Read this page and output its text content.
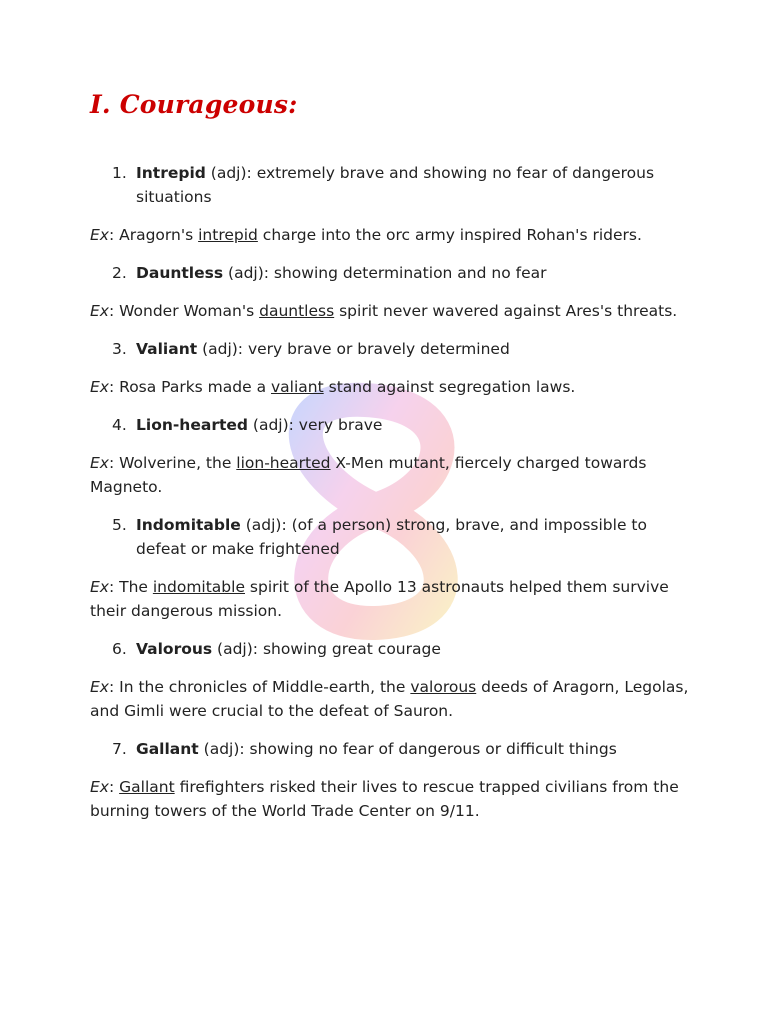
I. Courageous:
1. Intrepid (adj): extremely brave and showing no fear of dangerous situations
Ex: Aragorn's intrepid charge into the orc army inspired Rohan's riders.
2. Dauntless (adj): showing determination and no fear
Ex: Wonder Woman's dauntless spirit never wavered against Ares's threats.
3. Valiant (adj): very brave or bravely determined
Ex: Rosa Parks made a valiant stand against segregation laws.
4. Lion-hearted (adj): very brave
Ex: Wolverine, the lion-hearted X-Men mutant, fiercely charged towards Magneto.
5. Indomitable (adj): (of a person) strong, brave, and impossible to defeat or make frightened
Ex: The indomitable spirit of the Apollo 13 astronauts helped them survive their dangerous mission.
6. Valorous (adj): showing great courage
Ex: In the chronicles of Middle-earth, the valorous deeds of Aragorn, Legolas, and Gimli were crucial to the defeat of Sauron.
7. Gallant (adj): showing no fear of dangerous or difficult things
Ex: Gallant firefighters risked their lives to rescue trapped civilians from the burning towers of the World Trade Center on 9/11.
